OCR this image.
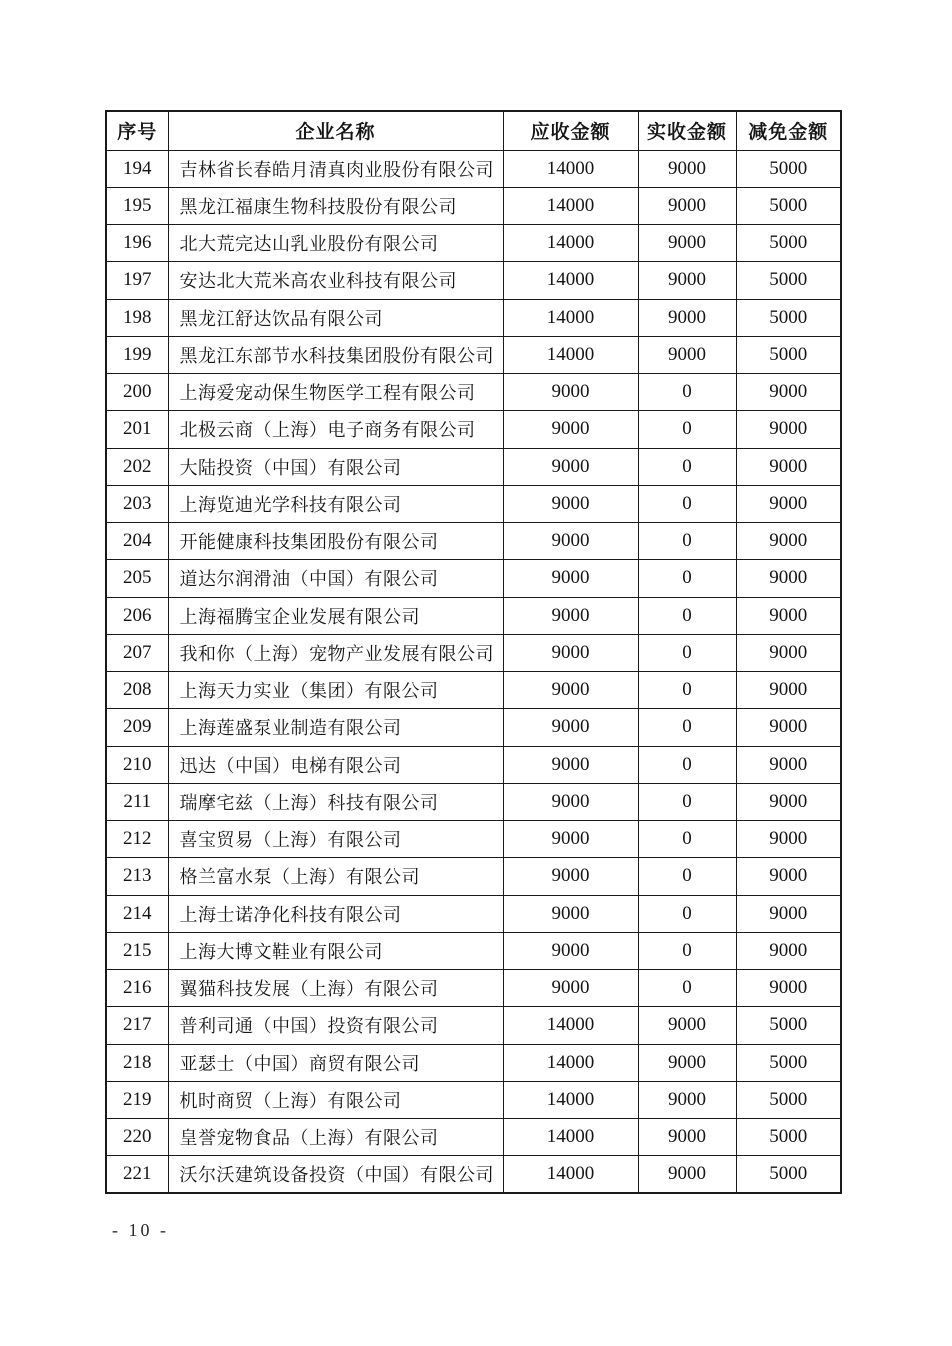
序号	企业名称	应收金额	实收金额	减免金额
194	吉林省长春皓月清真肉业股份有限公司	14000	9000	5000
195	黑龙江福康生物科技股份有限公司	14000	9000	5000
196	北大荒完达山乳业股份有限公司	14000	9000	5000
197	安达北大荒米高农业科技有限公司	14000	9000	5000
198	黑龙江舒达饮品有限公司	14000	9000	5000
199	黑龙江东部节水科技集团股份有限公司	14000	9000	5000
200	上海爱宠动保生物医学工程有限公司	9000	0	9000
201	北极云商（上海）电子商务有限公司	9000	0	9000
202	大陆投资（中国）有限公司	9000	0	9000
203	上海览迪光学科技有限公司	9000	0	9000
204	开能健康科技集团股份有限公司	9000	0	9000
205	道达尔润滑油（中国）有限公司	9000	0	9000
206	上海福腾宝企业发展有限公司	9000	0	9000
207	我和你（上海）宠物产业发展有限公司	9000	0	9000
208	上海天力实业（集团）有限公司	9000	0	9000
209	上海莲盛泵业制造有限公司	9000	0	9000
210	迅达（中国）电梯有限公司	9000	0	9000
211	瑞摩宅兹（上海）科技有限公司	9000	0	9000
212	喜宝贸易（上海）有限公司	9000	0	9000
213	格兰富水泵（上海）有限公司	9000	0	9000
214	上海士诺净化科技有限公司	9000	0	9000
215	上海大博文鞋业有限公司	9000	0	9000
216	翼猫科技发展（上海）有限公司	9000	0	9000
217	普利司通（中国）投资有限公司	14000	9000	5000
218	亚瑟士（中国）商贸有限公司	14000	9000	5000
219	机时商贸（上海）有限公司	14000	9000	5000
220	皇誉宠物食品（上海）有限公司	14000	9000	5000
221	沃尔沃建筑设备投资（中国）有限公司	14000	9000	5000
- 10 -
